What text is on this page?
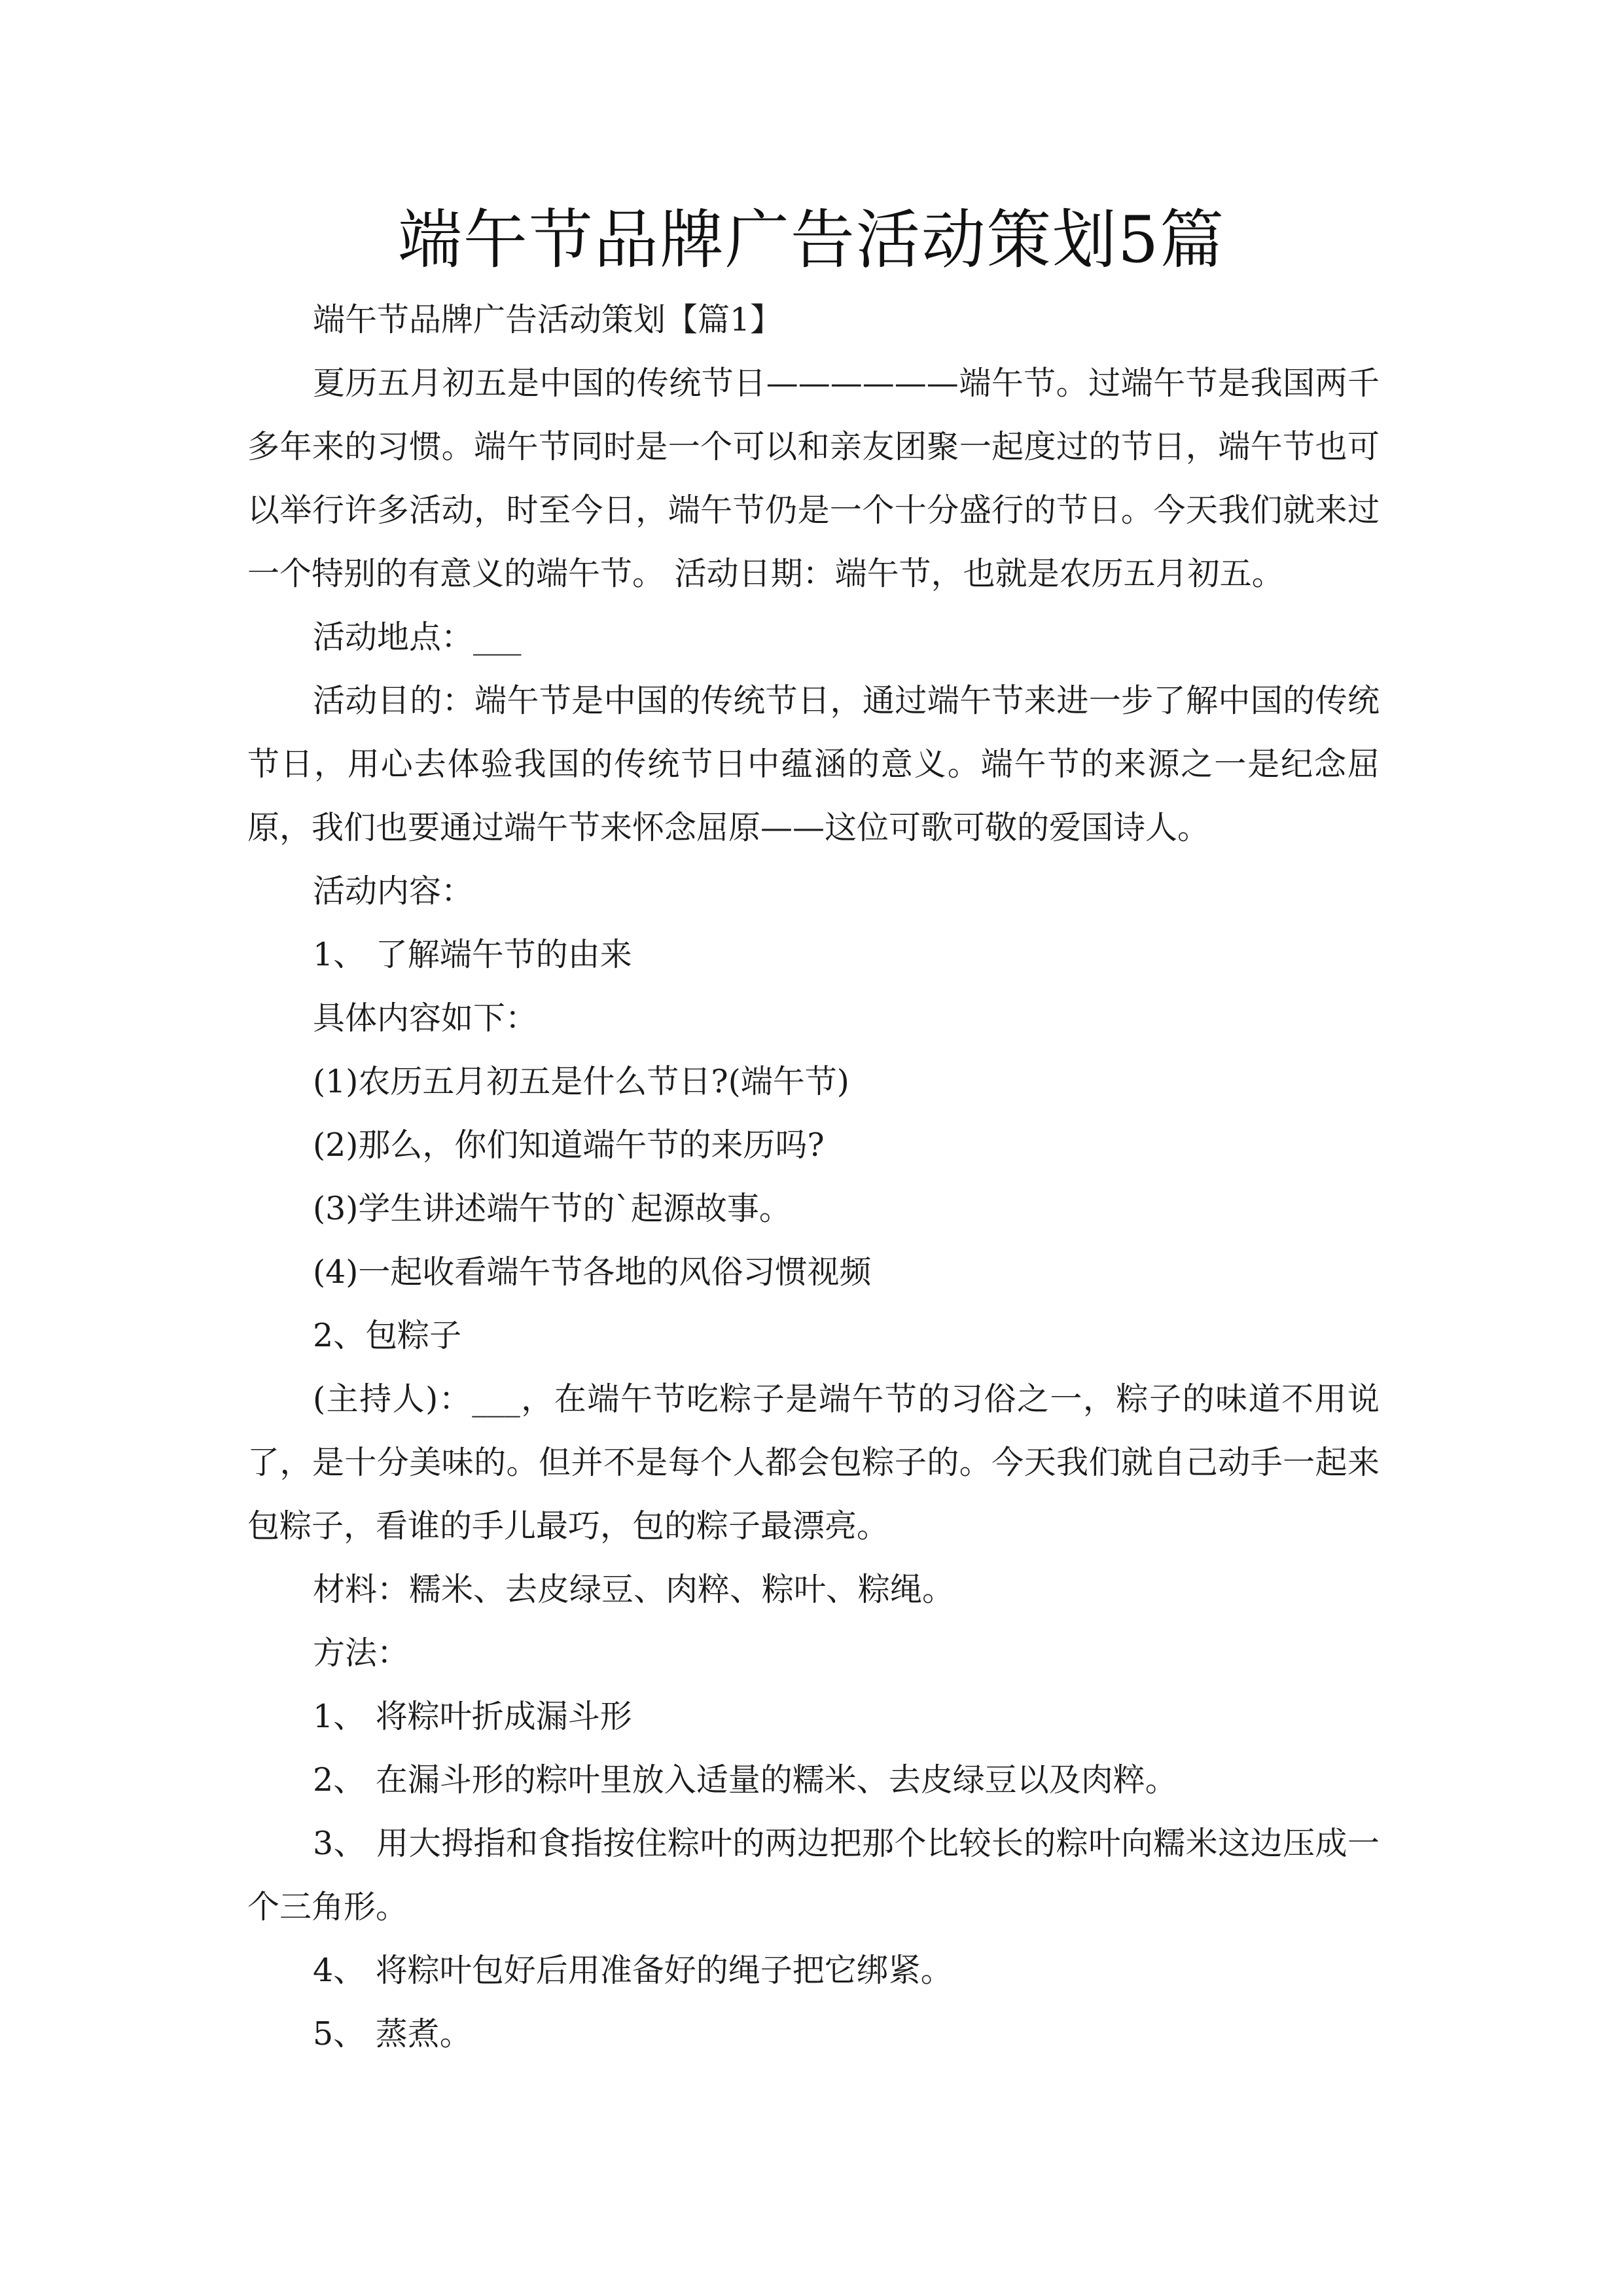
端午节品牌广告活动策划5篇

端午节品牌广告活动策划【篇1】

夏历五月初五是中国的传统节日——————端午节。过端午节是我国两千多年来的习惯。端午节同时是一个可以和亲友团聚一起度过的节日，端午节也可以举行许多活动，时至今日，端午节仍是一个十分盛行的节日。今天我们就来过一个特别的有意义的端午节。 活动日期：端午节，也就是农历五月初五。

活动地点：___

活动目的：端午节是中国的传统节日，通过端午节来进一步了解中国的传统节日，用心去体验我国的传统节日中蕴涵的意义。端午节的来源之一是纪念屈原，我们也要通过端午节来怀念屈原——这位可歌可敬的爱国诗人。

活动内容：

1、 了解端午节的由来

具体内容如下：

(1)农历五月初五是什么节日?(端午节)

(2)那么，你们知道端午节的来历吗?

(3)学生讲述端午节的`起源故事。

(4)一起收看端午节各地的风俗习惯视频

2、包粽子

(主持人)：___，在端午节吃粽子是端午节的习俗之一，粽子的味道不用说了，是十分美味的。但并不是每个人都会包粽子的。今天我们就自己动手一起来包粽子，看谁的手儿最巧，包的粽子最漂亮。

材料：糯米、去皮绿豆、肉粹、粽叶、粽绳。

方法：

1、 将粽叶折成漏斗形

2、 在漏斗形的粽叶里放入适量的糯米、去皮绿豆以及肉粹。

3、 用大拇指和食指按住粽叶的两边把那个比较长的粽叶向糯米这边压成一个三角形。

4、 将粽叶包好后用准备好的绳子把它绑紧。

5、 蒸煮。
